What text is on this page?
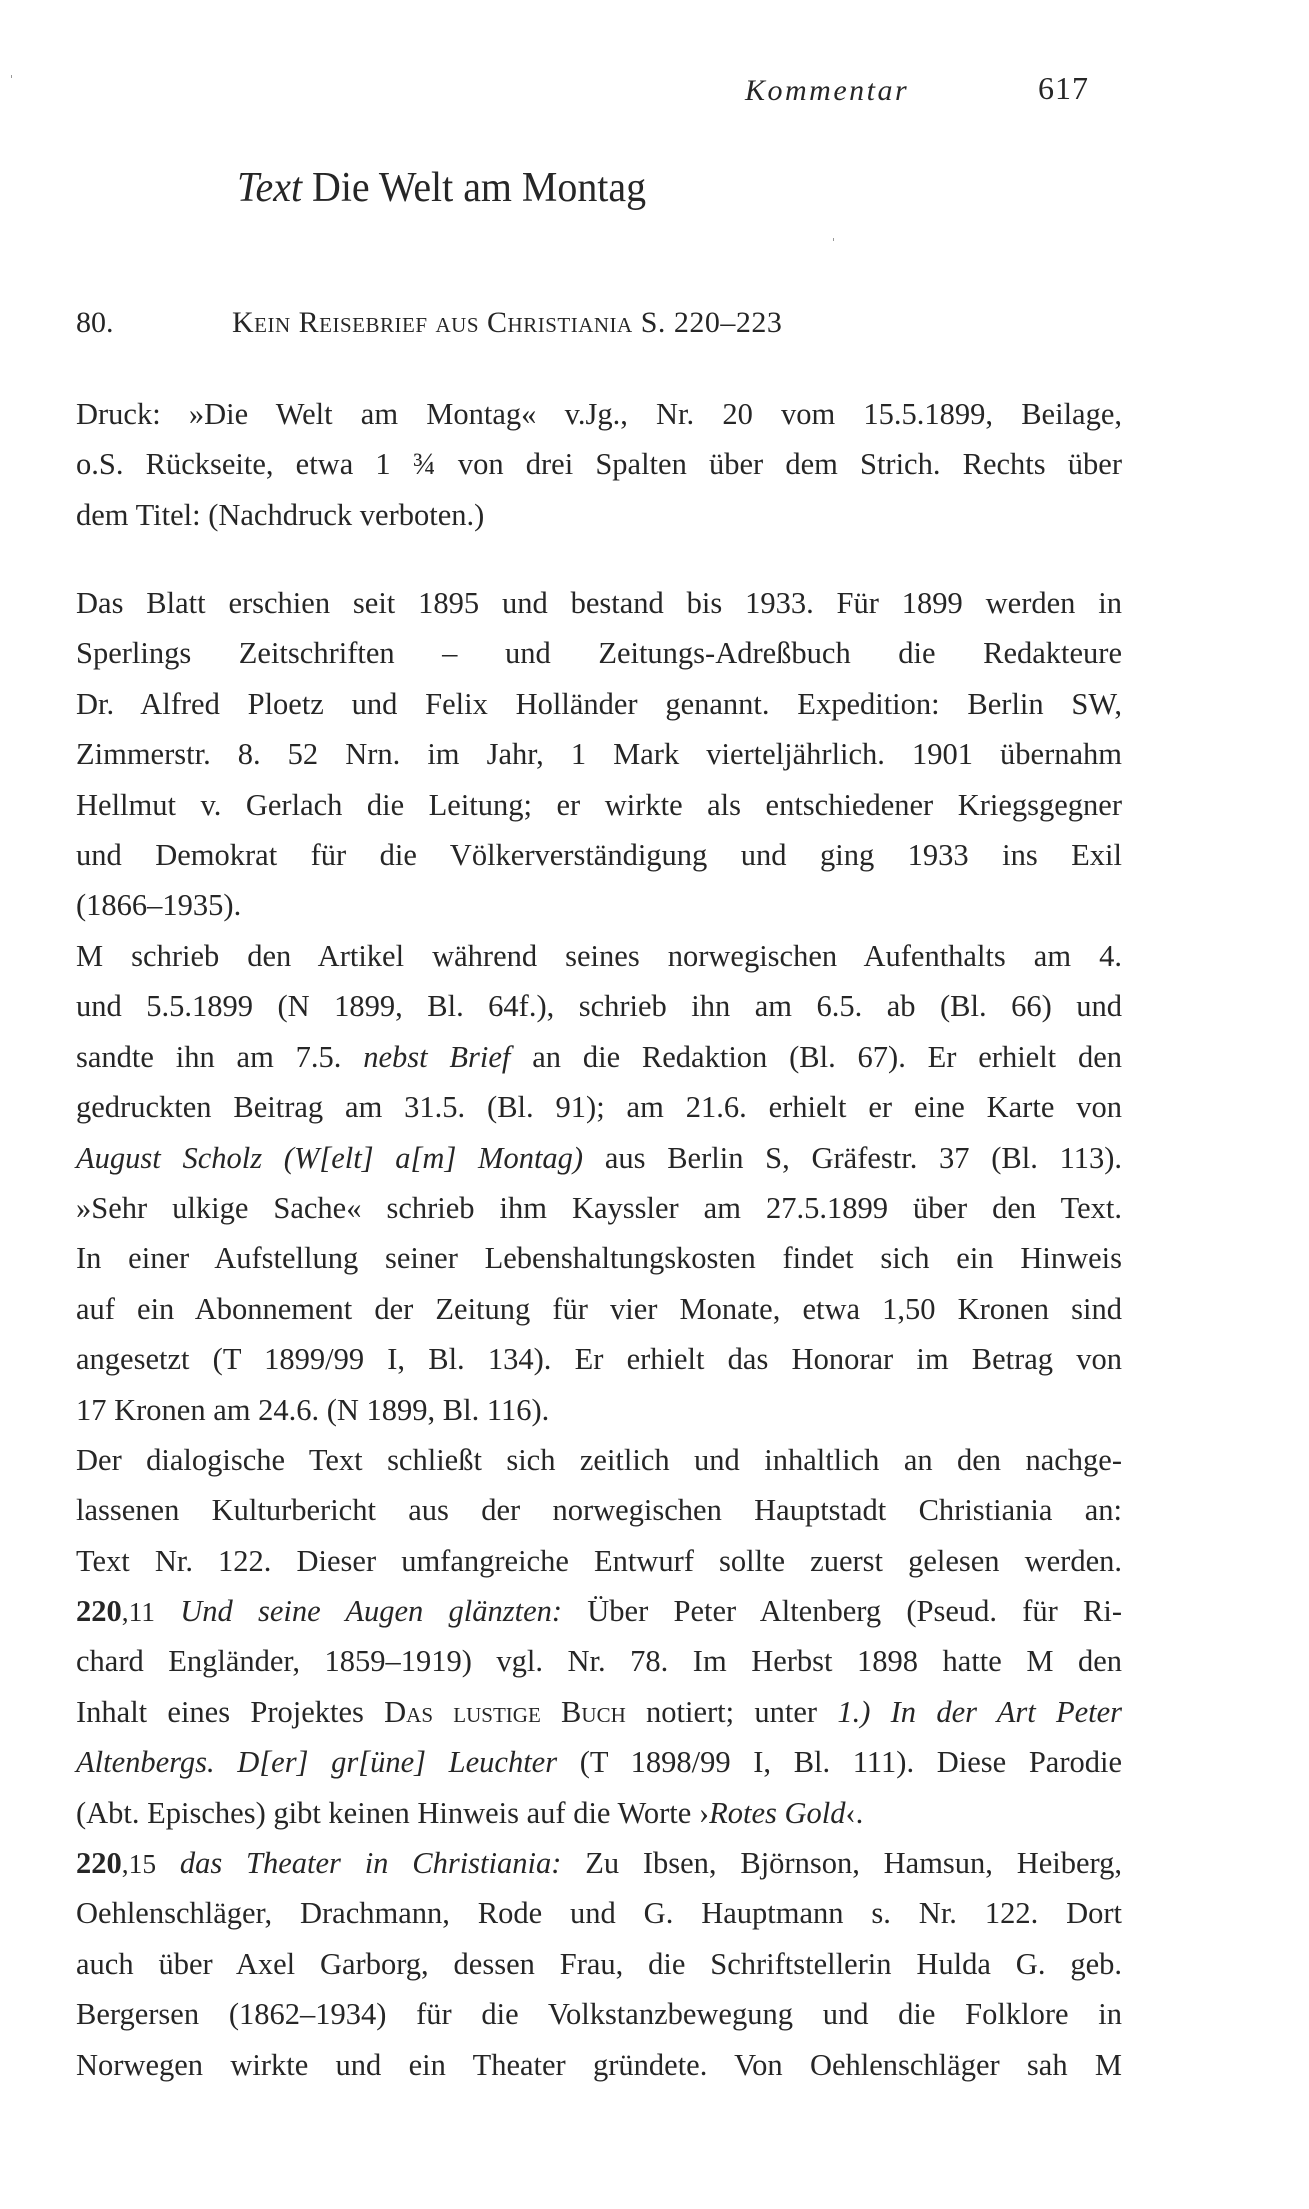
Kommentar	617
Text Die Welt am Montag
80.	Kein Reisebrief aus Christiania S. 220–223
Druck: »Die Welt am Montag« v.Jg., Nr. 20 vom 15.5.1899, Beilage,
o.S. Rückseite, etwa 1 ¾ von drei Spalten über dem Strich. Rechts über
dem Titel: (Nachdruck verboten.)
Das Blatt erschien seit 1895 und bestand bis 1933. Für 1899 werden in
Sperlings Zeitschriften – und Zeitungs-Adreßbuch die Redakteure
Dr. Alfred Ploetz und Felix Holländer genannt. Expedition: Berlin SW,
Zimmerstr. 8. 52 Nrn. im Jahr, 1 Mark vierteljährlich. 1901 übernahm
Hellmut v. Gerlach die Leitung; er wirkte als entschiedener Kriegsgegner
und Demokrat für die Völkerverständigung und ging 1933 ins Exil
(1866–1935).
M schrieb den Artikel während seines norwegischen Aufenthalts am 4.
und 5.5.1899 (N 1899, Bl. 64f.), schrieb ihn am 6.5. ab (Bl. 66) und
sandte ihn am 7.5. nebst Brief an die Redaktion (Bl. 67). Er erhielt den
gedruckten Beitrag am 31.5. (Bl. 91); am 21.6. erhielt er eine Karte von
August Scholz (W[elt] a[m] Montag) aus Berlin S, Gräfestr. 37 (Bl. 113).
»Sehr ulkige Sache« schrieb ihm Kayssler am 27.5.1899 über den Text.
In einer Aufstellung seiner Lebenshaltungskosten findet sich ein Hinweis
auf ein Abonnement der Zeitung für vier Monate, etwa 1,50 Kronen sind
angesetzt (T 1899/99 I, Bl. 134). Er erhielt das Honorar im Betrag von
17 Kronen am 24.6. (N 1899, Bl. 116).
Der dialogische Text schließt sich zeitlich und inhaltlich an den nachge-
lassenen Kulturbericht aus der norwegischen Hauptstadt Christiania an:
Text Nr. 122. Dieser umfangreiche Entwurf sollte zuerst gelesen werden.
220,11 Und seine Augen glänzten: Über Peter Altenberg (Pseud. für Ri-
chard Engländer, 1859–1919) vgl. Nr. 78. Im Herbst 1898 hatte M den
Inhalt eines Projektes Das lustige Buch notiert; unter 1.) In der Art Peter
Altenbergs. D[er] gr[üne] Leuchter (T 1898/99 I, Bl. 111). Diese Parodie
(Abt. Episches) gibt keinen Hinweis auf die Worte ›Rotes Gold‹.
220,15 das Theater in Christiania: Zu Ibsen, Björnson, Hamsun, Heiberg,
Oehlenschläger, Drachmann, Rode und G. Hauptmann s. Nr. 122. Dort
auch über Axel Garborg, dessen Frau, die Schriftstellerin Hulda G. geb.
Bergersen (1862–1934) für die Volkstanzbewegung und die Folklore in
Norwegen wirkte und ein Theater gründete. Von Oehlenschläger sah M
